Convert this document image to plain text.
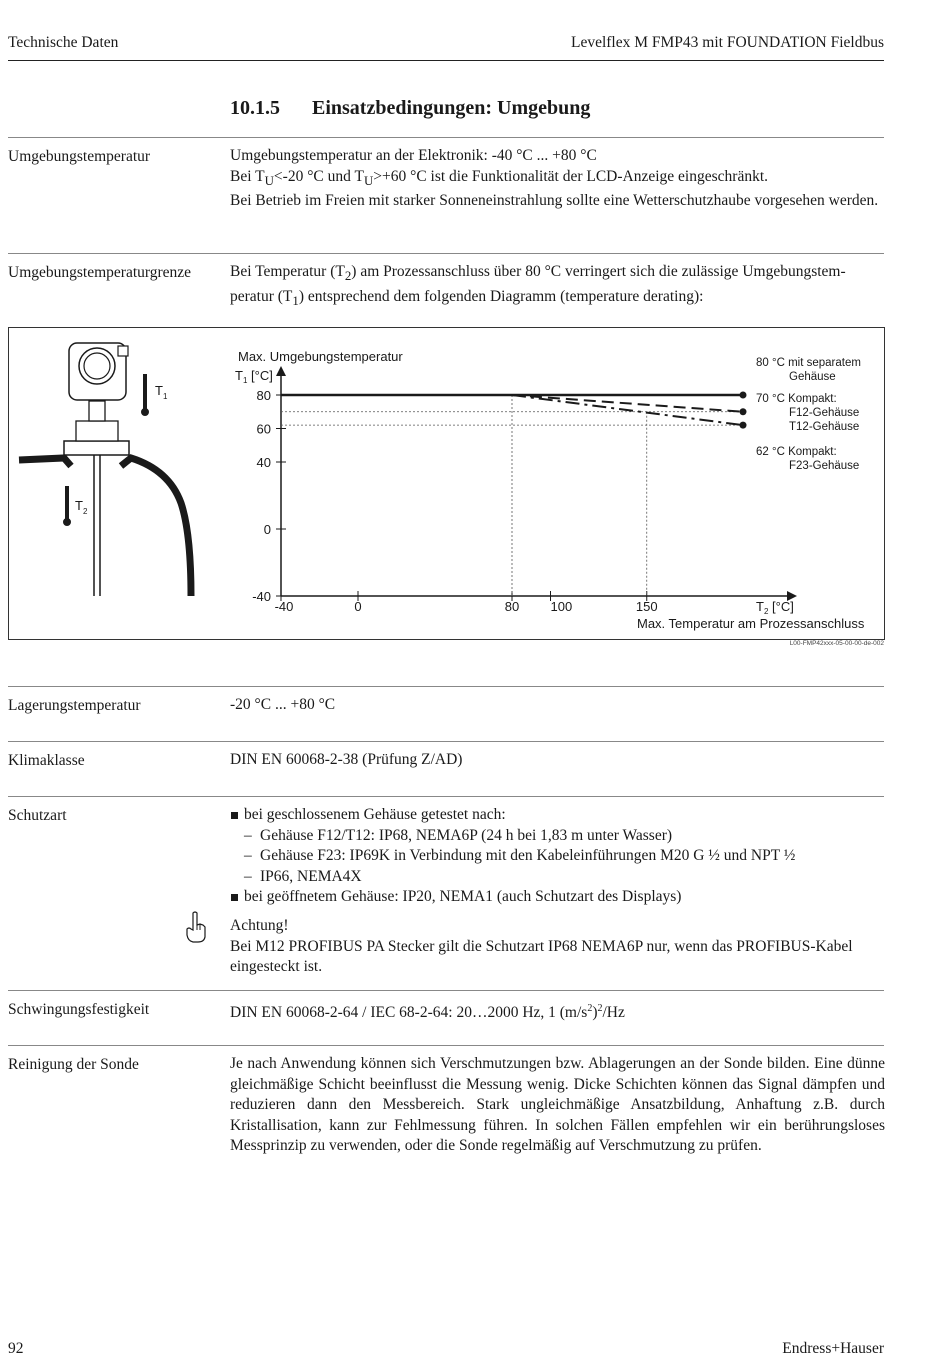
Technische Daten	Levelflex M FMP43 mit FOUNDATION Fieldbus
10.1.5 Einsatzbedingungen: Umgebung
Umgebungstemperatur	Umgebungstemperatur an der Elektronik: -40 °C ... +80 °C

Bei $T_U<-20$ °C und $T_U>+60$ °C ist die Funktionalität der LCD-Anzeige eingeschränkt.

Bei Betrieb im Freien mit starker Sonneneinstrahlung sollte eine Wetterschutzhaube vorgesehen werden.

Umgebungstemperaturgrenze	Bei Temperatur $(T_2)$ am Prozessanschluss über 80 °C verringert sich die zulässige Umgebungstem-peratur $(T_1)$ entsprechend dem folgenden Diagramm (temperature derating):

$T_1$
$T_2$
Max. Umgebungstemperatur
$T_1$ [°C]
80
60
40
0
-40
-40	0	80 100	150	$T_2$ [°C]
Max. Temperatur am Prozessanschluss
80 °C mit separatem
Gehäuse
70 °C Kompakt:
F12-Gehäuse
T12-Gehäuse
62 °C Kompakt:
F23-Gehäuse
L00-FMP42xxx-05-00-00-de-002
Lagerungstemperatur	-20 °C ... +80 °C
Klimaklasse	DIN EN 60068-2-38 (Prüfung Z/AD)
Schutzart	bei geschlossenem Gehäuse getestet nach:
– Gehäuse F12/T12: IP68, NEMA6P (24 h bei 1,83 m unter Wasser)
– Gehäuse F23: IP69K in Verbindung mit den Kabeleinführungen M20 G ½ und NPT ½
– IP66, NEMA4X
bei geöffnetem Gehäuse: IP20, NEMA1 (auch Schutzart des Displays)

Achtung!

Bei M12 PROFIBUS PA Stecker gilt die Schutzart IP68 NEMA6P nur, wenn das PROFIBUS-Kabel eingesteckt ist.

Schwingungsfestigkeit	DIN EN 60068-2-64 / IEC 68-2-64: 20…2000 Hz, 1 $(m/s^2)^2/Hz$
Reinigung der Sonde	Je nach Anwendung können sich Verschmutzungen bzw. Ablagerungen an der Sonde bilden. Eine dünne gleichmäßige Schicht beeinflusst die Messung wenig. Dicke Schichten können das Signal dämpfen und reduzieren dann den Messbereich. Stark ungleichmäßige Ansatzbildung, Anhaftung z.B. durch Kristallisation, kann zur Fehlmessung führen. In solchen Fällen empfehlen wir ein berührungsloses Messprinzip zu verwenden, oder die Sonde regelmäßig auf Verschmutzung zu prüfen.
92	Endress+Hauser
